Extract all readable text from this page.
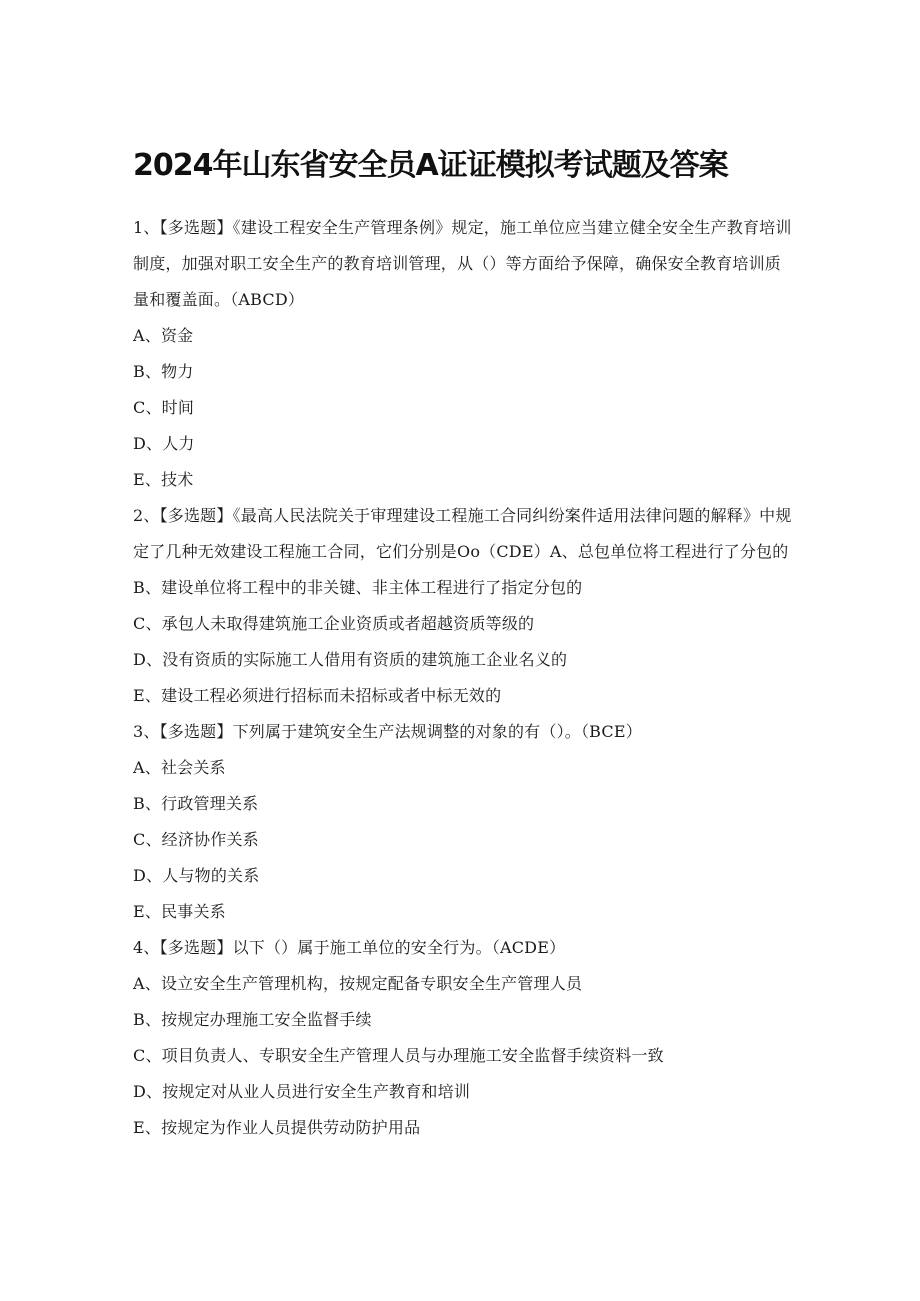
2024年山东省安全员A证证模拟考试题及答案
1、【多选题】《建设工程安全生产管理条例》规定，施工单位应当建立健全安全生产教育培训制度，加强对职工安全生产的教育培训管理，从（）等方面给予保障，确保安全教育培训质量和覆盖面。（ABCD）
A、资金
B、物力
C、时间
D、人力
E、技术
2、【多选题】《最高人民法院关于审理建设工程施工合同纠纷案件适用法律问题的解释》中规定了几种无效建设工程施工合同，它们分别是Oo（CDE）A、总包单位将工程进行了分包的
B、建设单位将工程中的非关键、非主体工程进行了指定分包的
C、承包人未取得建筑施工企业资质或者超越资质等级的
D、没有资质的实际施工人借用有资质的建筑施工企业名义的
E、建设工程必须进行招标而未招标或者中标无效的
3、【多选题】下列属于建筑安全生产法规调整的对象的有（）。（BCE）
A、社会关系
B、行政管理关系
C、经济协作关系
D、人与物的关系
E、民事关系
4、【多选题】以下（）属于施工单位的安全行为。（ACDE）
A、设立安全生产管理机构，按规定配备专职安全生产管理人员
B、按规定办理施工安全监督手续
C、项目负责人、专职安全生产管理人员与办理施工安全监督手续资料一致
D、按规定对从业人员进行安全生产教育和培训
E、按规定为作业人员提供劳动防护用品
